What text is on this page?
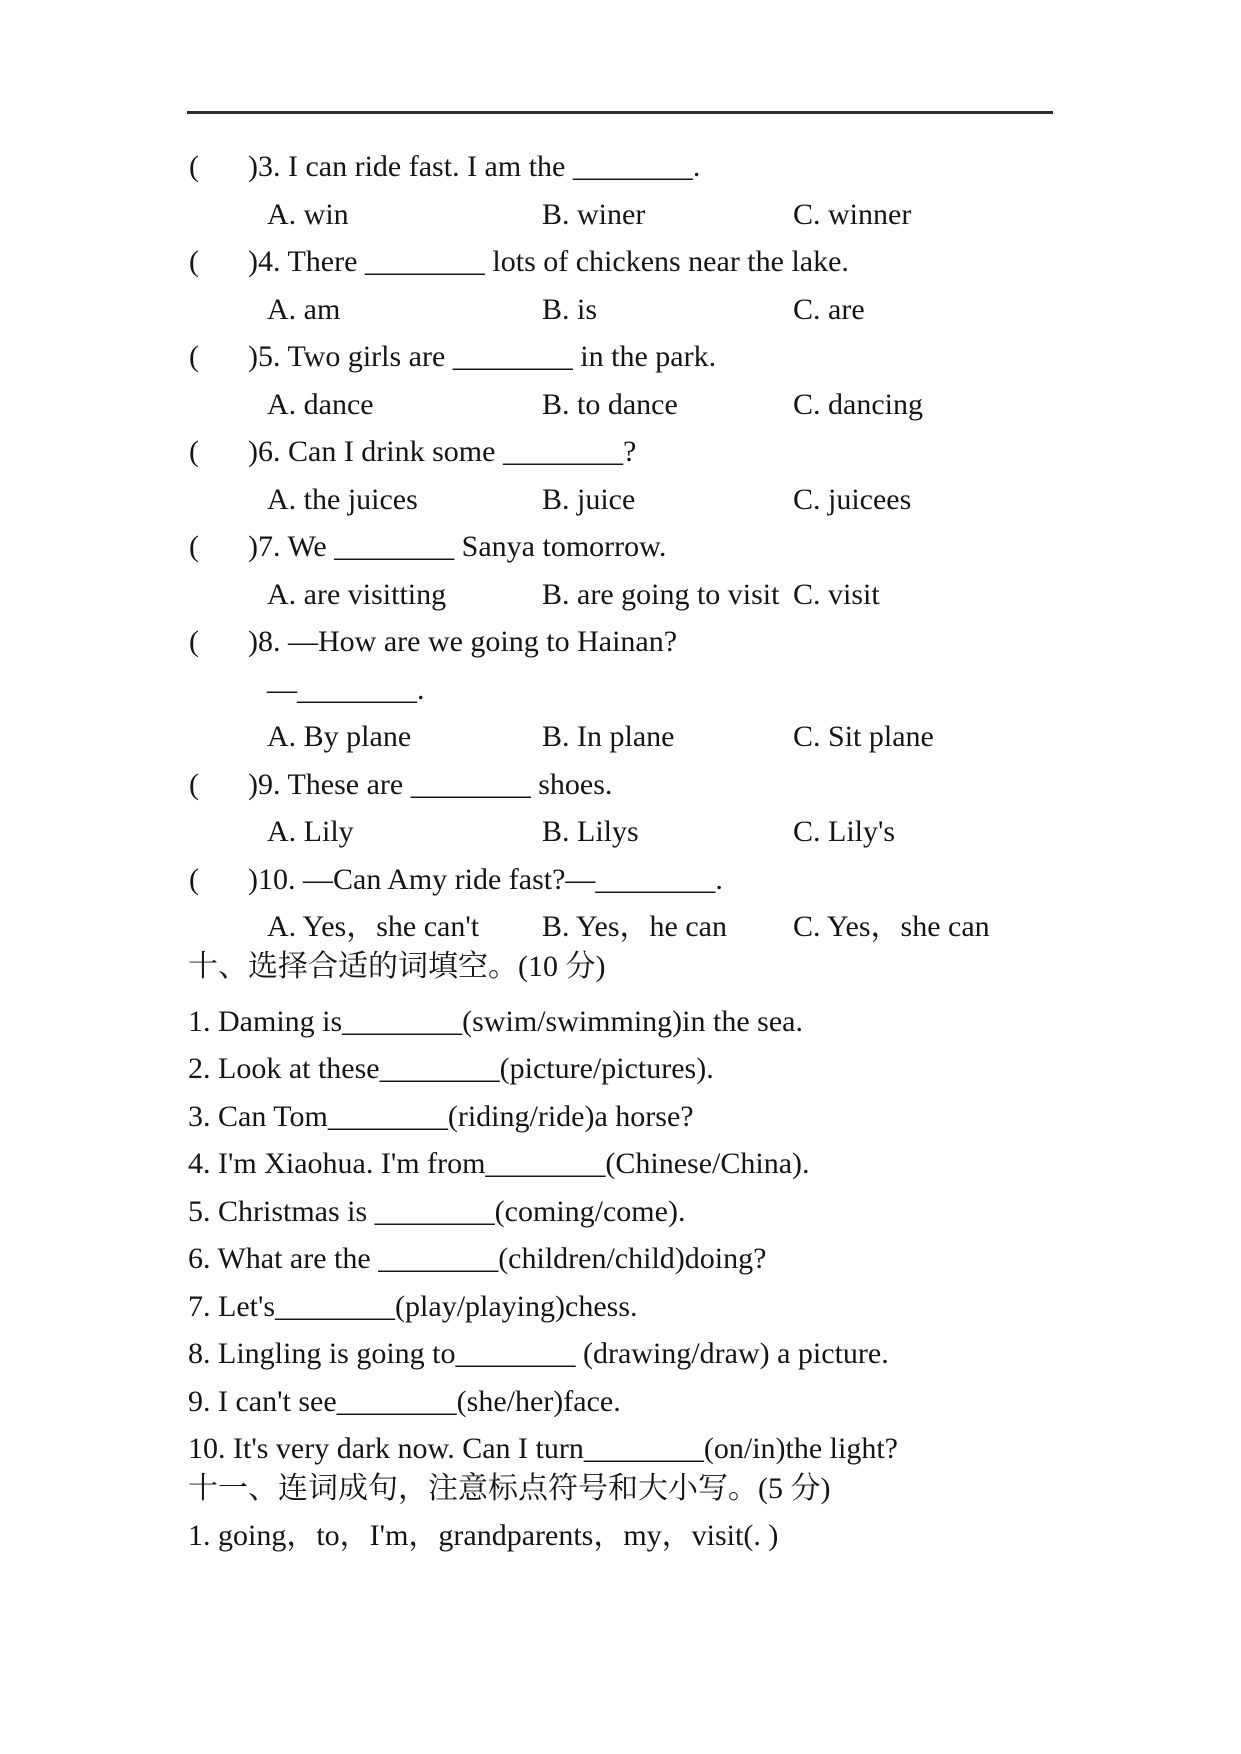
( )3. I can ride fast. I am the ________.
A. win	B. winer	C. winner
( )4. There ________ lots of chickens near the lake.
A. am	B. is	C. are
( )5. Two girls are ________ in the park.
A. dance	B. to dance	C. dancing
( )6. Can I drink some ________?
A. the juices	B. juice	C. juicees
( )7. We ________ Sanya tomorrow.
A. are visitting	B. are going to visit C. visit
( )8. —How are we going to Hainan?
—________.
A. By plane	B. In plane	C. Sit plane
( )9. These are ________ shoes.
A. Lily	B. Lilys	C. Lily's
( )10. —Can Amy ride fast?—________.
A. Yes，she can't B. Yes，he can C. Yes，she can
十、选择合适的词填空。(10 分)
1. Daming is________(swim/swimming)in the sea.
2. Look at these________(picture/pictures).
3. Can Tom________(riding/ride)a horse?
4. I'm Xiaohua. I'm from________(Chinese/China).
5. Christmas is ________(coming/come).
6. What are the ________(children/child)doing?
7. Let's________(play/playing)chess.
8. Lingling is going to________ (drawing/draw) a picture.
9. I can't see________(she/her)face.
10. It's very dark now. Can I turn________(on/in)the light?
十一、连词成句，注意标点符号和大小写。(5 分)
1. going，to，I'm，grandparents，my，visit(. )
